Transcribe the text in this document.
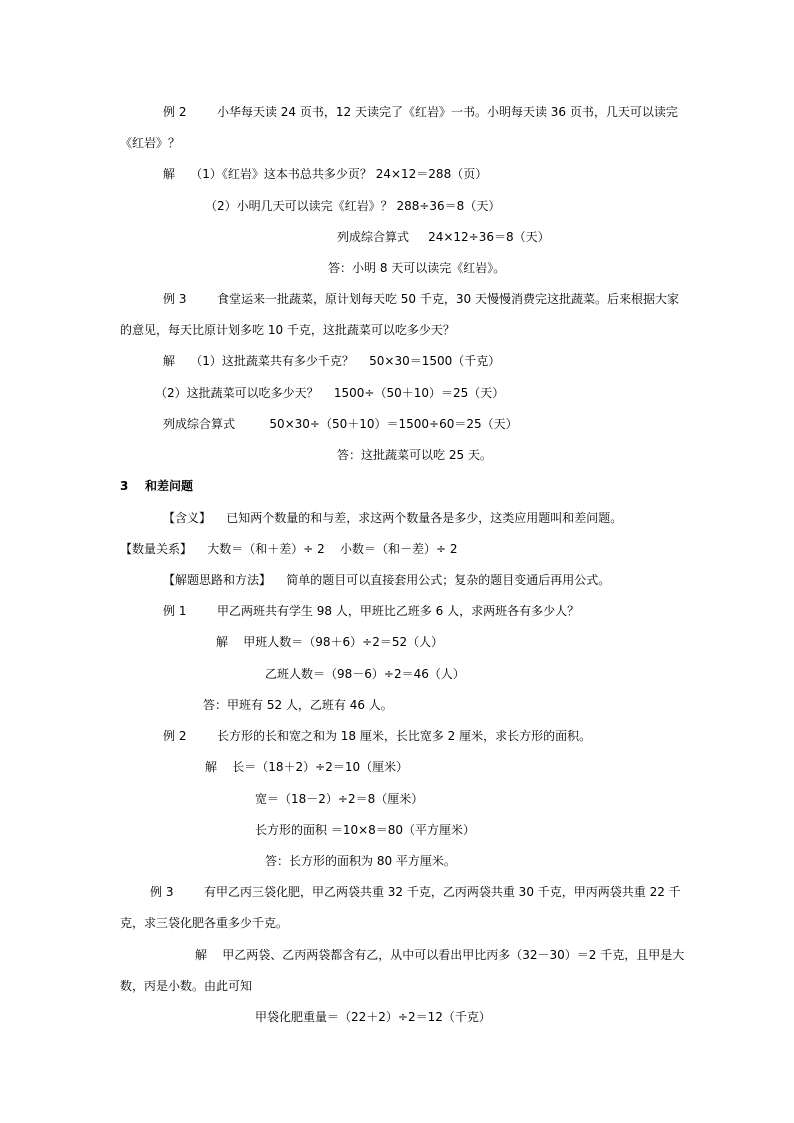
例 2        小华每天读 24 页书，12 天读完了《红岩》一书。小明每天读 36 页书，几天可以读完
《红岩》？
解    （1）《红岩》这本书总共多少页？ 24×12＝288（页）
（2）小明几天可以读完《红岩》？ 288÷36＝8（天）
列成综合算式     24×12÷36＝8（天）
答：小明 8 天可以读完《红岩》。
例 3        食堂运来一批蔬菜，原计划每天吃 50 千克，30 天慢慢消费完这批蔬菜。后来根据大家
的意见，每天比原计划多吃 10 千克，这批蔬菜可以吃多少天？
解    （1）这批蔬菜共有多少千克？    50×30＝1500（千克）
（2）这批蔬菜可以吃多少天？    1500÷（50＋10）＝25（天）
列成综合算式         50×30÷（50＋10）＝1500÷60＝25（天）
答：这批蔬菜可以吃 25 天。
3    和差问题
【含义】    已知两个数量的和与差，求这两个数量各是多少，这类应用题叫和差问题。
【数量关系】    大数＝（和＋差）÷ 2    小数＝（和－差）÷ 2
【解题思路和方法】    简单的题目可以直接套用公式；复杂的题目变通后再用公式。
例 1        甲乙两班共有学生 98 人，甲班比乙班多 6 人，求两班各有多少人？
解    甲班人数＝（98＋6）÷2＝52（人）
乙班人数＝（98－6）÷2＝46（人）
答：甲班有 52 人，乙班有 46 人。
例 2        长方形的长和宽之和为 18 厘米，长比宽多 2 厘米，求长方形的面积。
解    长＝（18＋2）÷2＝10（厘米）
宽＝（18－2）÷2＝8（厘米）
长方形的面积 ＝10×8＝80（平方厘米）
答：长方形的面积为 80 平方厘米。
例 3        有甲乙丙三袋化肥，甲乙两袋共重 32 千克，乙丙两袋共重 30 千克，甲丙两袋共重 22 千
克，求三袋化肥各重多少千克。
解    甲乙两袋、乙丙两袋都含有乙，从中可以看出甲比丙多（32－30）＝2 千克，且甲是大
数，丙是小数。由此可知
甲袋化肥重量＝（22＋2）÷2＝12（千克）
